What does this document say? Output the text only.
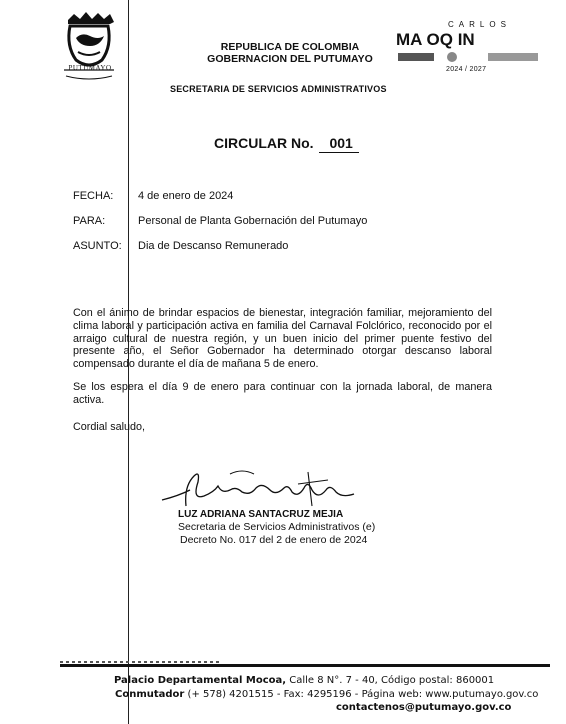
PUTUMAYO
REPUBLICA DE COLOMBIA
GOBERNACION DEL PUTUMAYO
SECRETARIA DE SERVICIOS ADMINISTRATIVOS
CARLOS
MA OQ IN
2024 / 2027
CIRCULAR No. 001
FECHA: 4 de enero de 2024
PARA:	Personal de Planta Gobernación del Putumayo
ASUNTO: Dia de Descanso Remunerado
Con el ánimo de brindar espacios de bienestar, integración familiar, mejoramiento del clima laboral y participación activa en familia del Carnaval Folclórico, reconocido por el arraigo cultural de nuestra región, y un buen inicio del primer puente festivo del presente año, el Señor Gobernador ha determinado otorgar descanso laboral compensado durante el día de mañana 5 de enero.
Se los espera el día 9 de enero para continuar con la jornada laboral, de manera activa.
Cordial saludo,
LUZ ADRIANA SANTACRUZ MEJIA
Secretaria de Servicios Administrativos (e)
Decreto No. 017 del 2 de enero de 2024
Palacio Departamental Mocoa, Calle 8 N°. 7 - 40, Código postal: 860001
Conmutador (+ 578) 4201515 - Fax: 4295196 - Página web: www.putumayo.gov.co
contactenos@putumayo.gov.co
